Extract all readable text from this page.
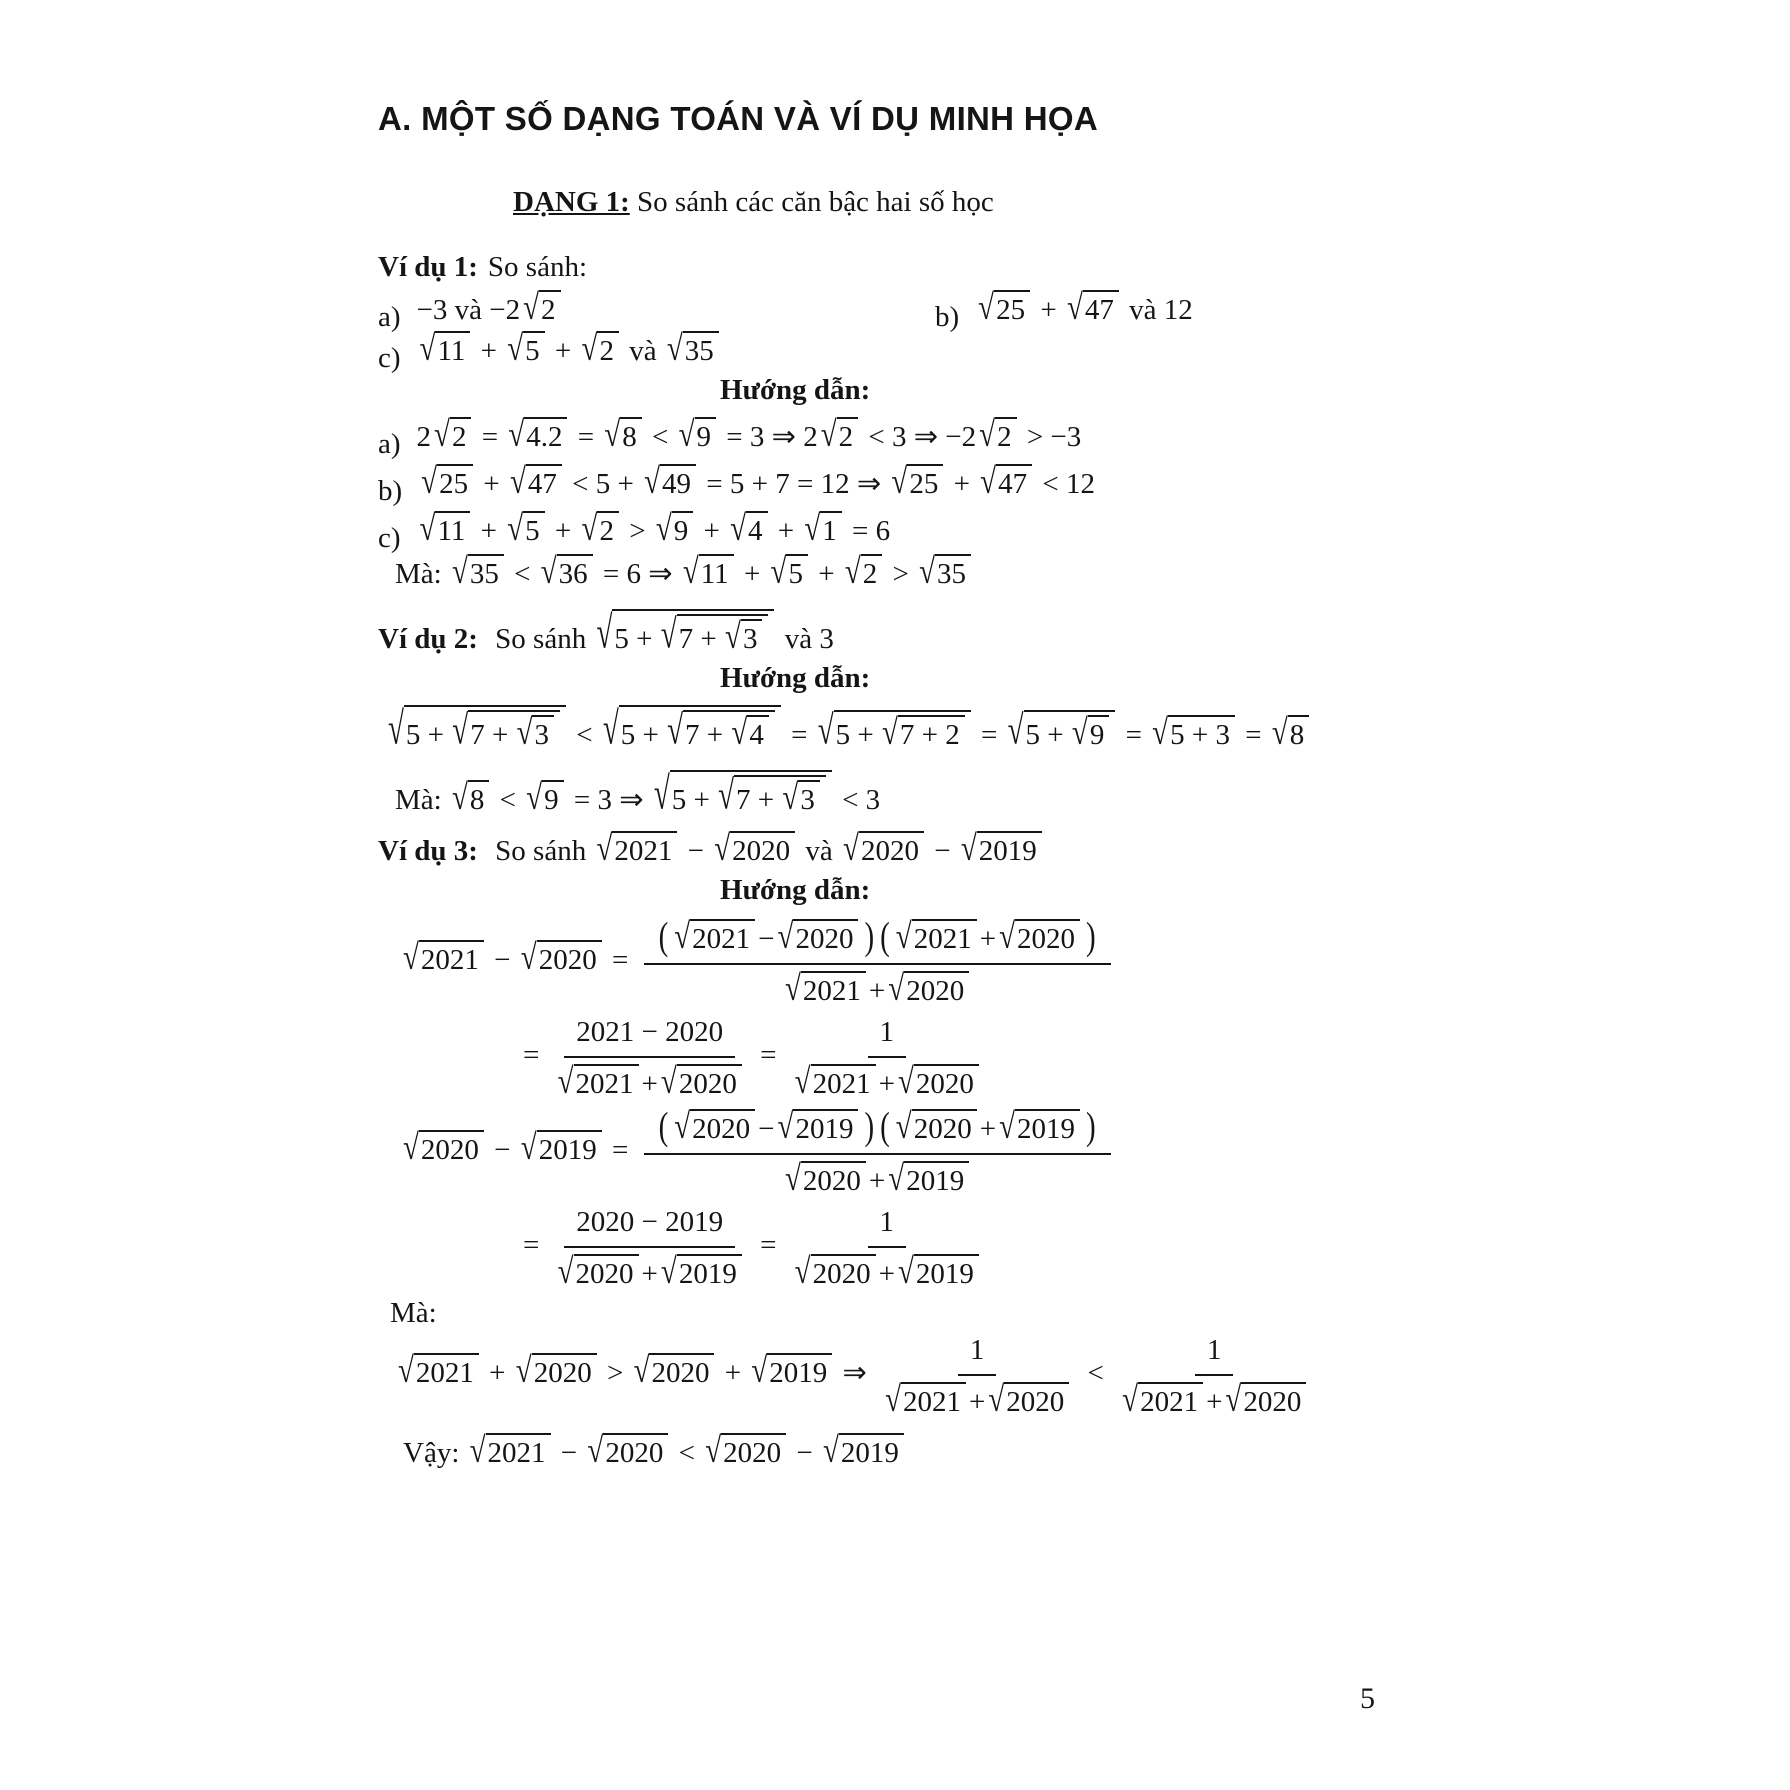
A. MỘT SỐ DẠNG TOÁN VÀ VÍ DỤ MINH HỌA
DẠNG 1: So sánh các căn bậc hai số học
Ví dụ 1: So sánh:
a) −3 và −2 √ 2	b) √ 25 + √ 47 và 12
c) √ 11 + √ 5 + √ 2 và √ 35
Hướng dẫn:
a) 2 √ 2 = √ 4.2 = √ 8 < √ 9 = 3 ⇒ 2 √ 2 < 3 ⇒ −2 √ 2 > −3
b) √ 25 + √ 47 < 5 + √ 49 = 5 + 7 = 12 ⇒ √ 25 + √ 47 < 12
c) √ 11 + √ 5 + √ 2 > √ 9 + √ 4 + √ 1 = 6
Mà: √ 35 < √ 36 = 6 ⇒ √ 11 + √ 5 + √ 2 > √ 35
Ví dụ 2: So sánh √ 5 + √ 7 + √ 3 và 3
Hướng dẫn:
√ 5 + √ 7 + √ 3 < √ 5 + √ 7 + √ 4 = √ 5 + √ 7 + 2 = √ 5 + √ 9 = √ 5 + 3 = √ 8
Mà: √ 8 < √ 9 = 3 ⇒ √ 5 + √ 7 + √ 3 < 3
Ví dụ 3: So sánh √ 2021 − √ 2020 và √ 2020 − √ 2019
Hướng dẫn:
√ 2021 − √ $2020 = \frac{( √ 2021 - √ 2020 ) ( √ 2021 + √ 2020 )}{√ 2021 + √ 2020}$
= $\frac{2021 - 2020}{√ 2021 + √ 2020} = \frac{1}{√ 2021 + √ 2020}$
√ 2020 − √ $2019 = \frac{( √ 2020 - √ 2019 ) ( √ 2020 + √ 2019 )}{√ 2020 + √ 2019}$
= $\frac{2020 - 2019}{√ 2020 + √ 2019} = \frac{1}{√ 2020 + √ 2019}$
Mà:
√ 2021 + √ 2020 > √ 2020 + √ 2019 ⇒ $\frac{1}{√ 2021 + √ 2020} < \frac{1}{√ 2021 + √ 2020}$
Vậy: √ 2021 − √ 2020 < √ 2020 − √ 2019
5
